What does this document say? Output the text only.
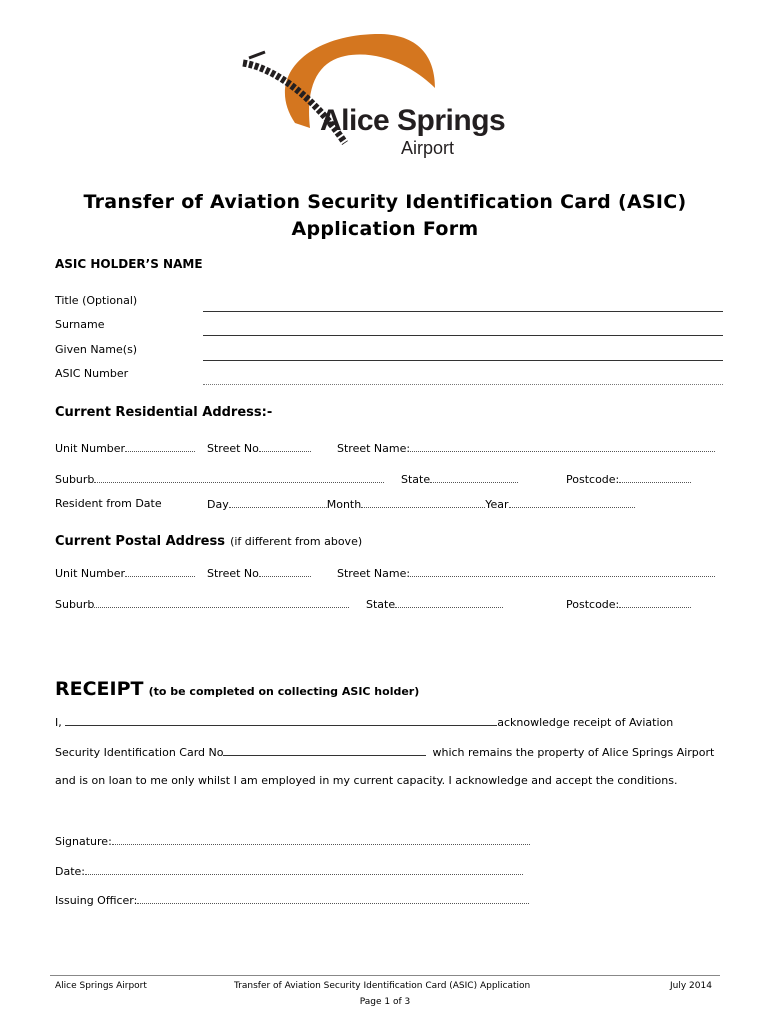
Alice Springs
Airport
Transfer of Aviation Security Identification Card (ASIC)
Application Form
ASIC HOLDER’S NAME
Title (Optional)
Surname
Given Name(s)
ASIC Number
Current Residential Address:-
Unit Number	Street No	Street Name:
Suburb	State	Postcode:
Resident from Date	Day	Month	Year
Current Postal Address (if different from above)
Unit Number	Street No	Street Name:
Suburb	State	Postcode:
RECEIPT (to be completed on collecting ASIC holder)
I,	acknowledge receipt of Aviation
Security Identification Card No	which remains the property of Alice Springs Airport
and is on loan to me only whilst I am employed in my current capacity. I acknowledge and accept the conditions.
Signature:
Date:
Issuing Officer:
Alice Springs Airport	Transfer of Aviation Security Identification Card (ASIC) Application	July 2014
Page 1 of 3
